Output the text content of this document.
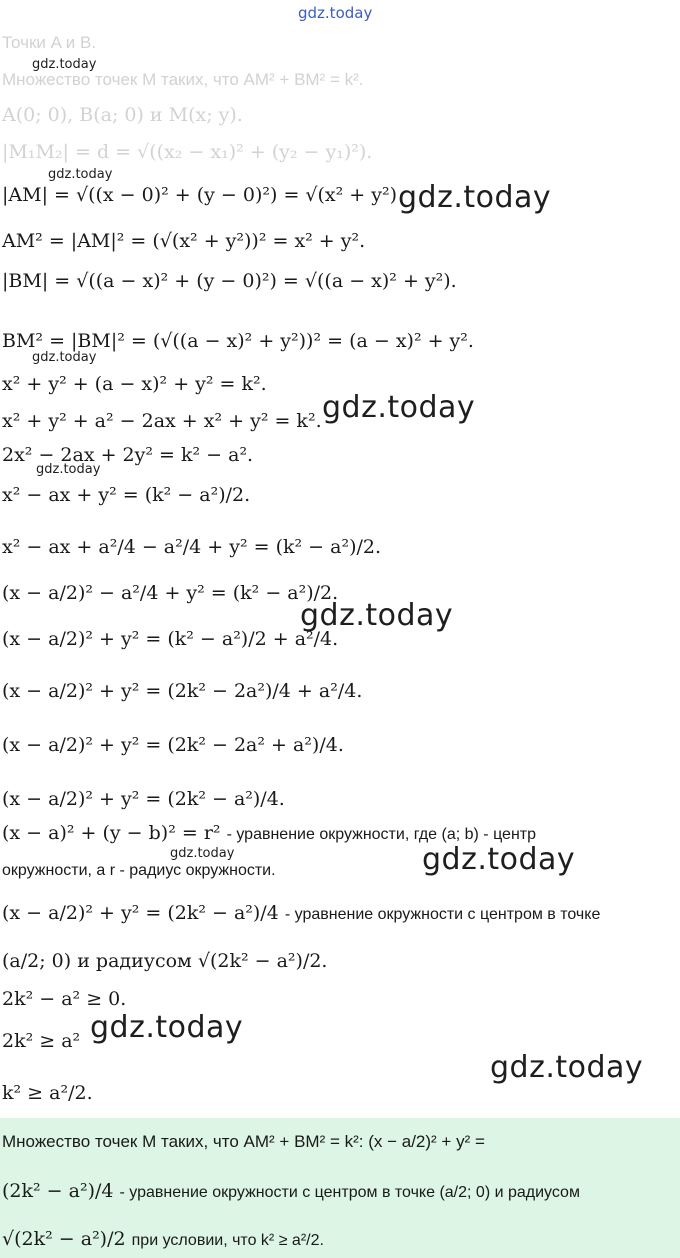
gdz.today
Точки A и B.
gdz.today
Множество точек M таких, что AM² + BM² = k².
A(0; 0), B(a; 0) и M(x; y).
|M₁M₂| = d = √((x₂ − x₁)² + (y₂ − y₁)²).
gdz.today
|AM| = √((x − 0)² + (y − 0)²) = √(x² + y²) gdz.today
AM² = |AM|² = (√(x² + y²))² = x² + y².
|BM| = √((a − x)² + (y − 0)²) = √((a − x)² + y²).
BM² = |BM|² = (√((a − x)² + y²))² = (a − x)² + y².
gdz.today
x² + y² + (a − x)² + y² = k².
x² + y² + a² − 2ax + x² + y² = k². gdz.today
2x² − 2ax + 2y² = k² − a².
gdz.today
x² − ax + y² = (k² − a²)/2.
x² − ax + a²/4 − a²/4 + y² = (k² − a²)/2.
(x − a/2)² − a²/4 + y² = (k² − a²)/2.
gdz.today
(x − a/2)² + y² = (k² − a²)/2 + a²/4.
(x − a/2)² + y² = (2k² − 2a²)/4 + a²/4.
(x − a/2)² + y² = (2k² − 2a² + a²)/4.
(x − a/2)² + y² = (2k² − a²)/4.
(x − a)² + (y − b)² = r² - уравнение окружности, где (a; b) - центр
окружности, а r - радиус окружности.
gdz.today	gdz.today
(x − a/2)² + y² = (2k² − a²)/4 - уравнение окружности с центром в точке
(a/2; 0) и радиусом √(2k² − a²)/2.
2k² − a² ≥ 0.
2k² ≥ a² gdz.today
gdz.today
k² ≥ a²/2.
Множество точек M таких, что AM² + BM² = k²: (x − a/2)² + y² =
(2k² − a²)/4 - уравнение окружности с центром в точке (a/2; 0) и радиусом
√(2k² − a²)/2 при условии, что k² ≥ a²/2.
